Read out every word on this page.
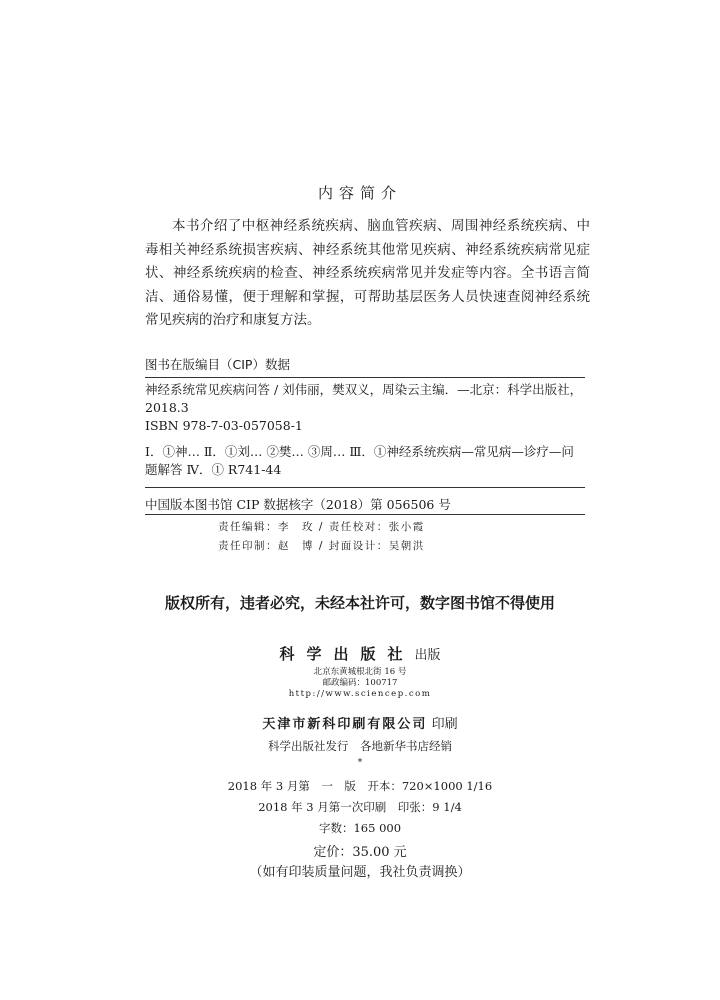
内容简介
本书介绍了中枢神经系统疾病、脑血管疾病、周围神经系统疾病、中毒相关神经系统损害疾病、神经系统其他常见疾病、神经系统疾病常见症状、神经系统疾病的检查、神经系统疾病常见并发症等内容。全书语言简洁、通俗易懂，便于理解和掌握，可帮助基层医务人员快速查阅神经系统常见疾病的治疗和康复方法。
图书在版编目（CIP）数据

神经系统常见疾病问答 / 刘伟丽，樊双义，周染云主编．—北京：科学出版社，2018.3

ISBN 978-7-03-057058-1

Ⅰ．①神… Ⅱ．①刘… ②樊… ③周… Ⅲ．①神经系统疾病—常见病—诊疗—问题解答 Ⅳ．① R741-44

中国版本图书馆 CIP 数据核字（2018）第 056506 号
责任编辑：李　玫 / 责任校对：张小霞
责任印制：赵　博 / 封面设计：吴朝洪
版权所有，违者必究，未经本社许可，数字图书馆不得使用
科学出版社出版
北京东黄城根北街 16 号
邮政编码：100717
http://www.sciencep.com
天津市新科印刷有限公司 印刷
科学出版社发行　各地新华书店经销
*
2018 年 3 月第　一　版　开本：720×1000 1/16
2018 年 3 月第一次印刷　印张：9 1/4
字数：165 000
定价：35.00 元
（如有印装质量问题，我社负责调换）
